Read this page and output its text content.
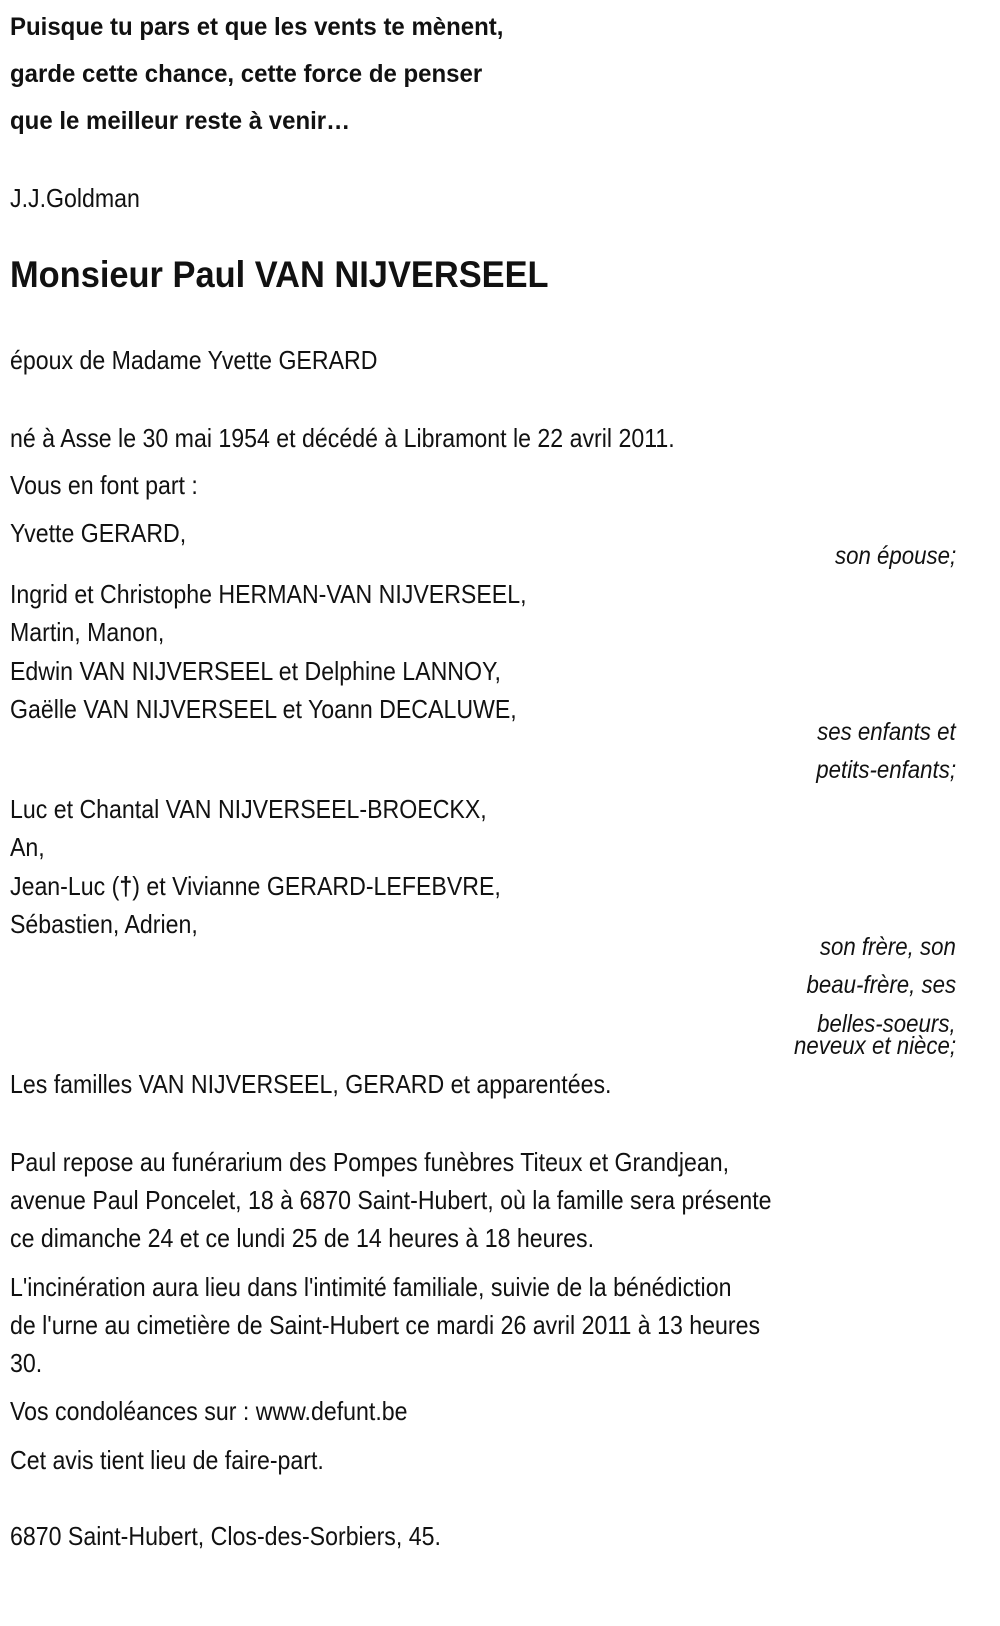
Puisque tu pars et que les vents te mènent,
garde cette chance, cette force de penser
que le meilleur reste à venir…
J.J.Goldman
Monsieur Paul VAN NIJVERSEEL
époux de Madame Yvette GERARD
né à Asse le 30 mai 1954 et décédé à Libramont le 22 avril 2011.
Vous en font part :
Yvette GERARD,
son épouse;
Ingrid et Christophe HERMAN-VAN NIJVERSEEL,
Martin, Manon,
Edwin VAN NIJVERSEEL et Delphine LANNOY,
Gaëlle VAN NIJVERSEEL et Yoann DECALUWE,
ses enfants et
petits-enfants;
Luc et Chantal VAN NIJVERSEEL-BROECKX,
An,
Jean-Luc (†) et Vivianne GERARD-LEFEBVRE,
Sébastien, Adrien,
son frère, son
beau-frère, ses
belles-soeurs,
neveux et nièce;
Les familles VAN NIJVERSEEL, GERARD et apparentées.
Paul repose au funérarium des Pompes funèbres Titeux et Grandjean,
avenue Paul Poncelet, 18 à 6870 Saint-Hubert, où la famille sera présente
ce dimanche 24 et ce lundi 25 de 14 heures à 18 heures.
L'incinération aura lieu dans l'intimité familiale, suivie de la bénédiction
de l'urne au cimetière de Saint-Hubert ce mardi 26 avril 2011 à 13 heures
30.
Vos condoléances sur : www.defunt.be
Cet avis tient lieu de faire-part.
6870 Saint-Hubert, Clos-des-Sorbiers, 45.
